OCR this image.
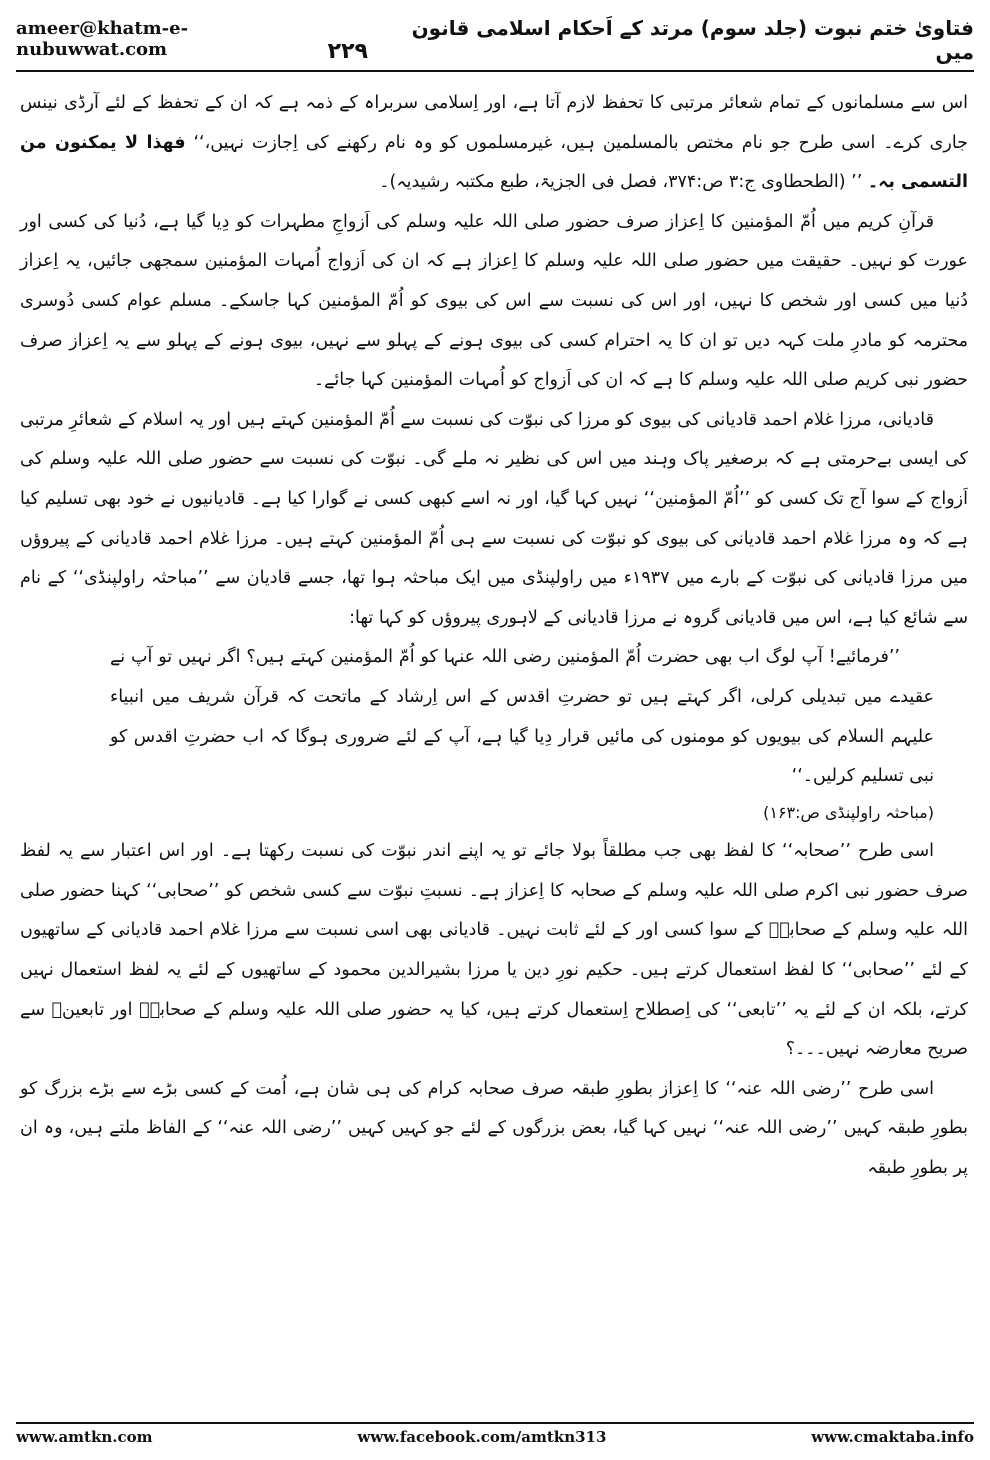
ameer@khatm-e-nubuwwat.com
فتاویٰ ختم نبوت (جلد سوم) مرتد کے اَحکام اسلامی قانون میں
۲۲۹

اس سے مسلمانوں کے تمام شعائر مرتبی کا تحفظ لازم آتا ہے، اور اِسلامی سربراہ کے ذمہ ہے کہ ان کے تحفظ کے لئے آرڈی نینس جاری کرے۔ اسی طرح جو نام مختص بالمسلمین ہیں، غیرمسلموں کو وہ نام رکھنے کی اِجازت نہیں،‘‘ فھذا لا یمکنون من التسمی بہ۔ ’’ (الطحطاوی ج:۳ ص:۳۷۴، فصل فی الجزیۃ، طبع مکتبہ رشیدیہ)۔

قرآنِ کریم میں اُمّ المؤمنین کا اِعزاز صرف حضور صلی اللہ علیہ وسلم کی اَزواجِ مطہرات کو دِیا گیا ہے، دُنیا کی کسی اور عورت کو نہیں۔ حقیقت میں حضور صلی اللہ علیہ وسلم کا اِعزاز ہے کہ ان کی اَزواج اُمہات المؤمنین سمجھی جائیں، یہ اِعزاز دُنیا میں کسی اور شخص کا نہیں، اور اس کی نسبت سے اس کی بیوی کو اُمّ المؤمنین کہا جاسکے۔ مسلم عوام کسی دُوسری محترمہ کو مادرِ ملت کہہ دیں تو ان کا یہ احترام کسی کی بیوی ہونے کے پہلو سے نہیں، بیوی ہونے کے پہلو سے یہ اِعزاز صرف حضور نبی کریم صلی اللہ علیہ وسلم کا ہے کہ ان کی اَزواج کو اُمہات المؤمنین کہا جائے۔

قادیانی، مرزا غلام احمد قادیانی کی بیوی کو مرزا کی نبوّت کی نسبت سے اُمّ المؤمنین کہتے ہیں اور یہ اسلام کے شعائرِ مرتبی کی ایسی بےحرمتی ہے کہ برصغیر پاک وہند میں اس کی نظیر نہ ملے گی۔ نبوّت کی نسبت سے حضور صلی اللہ علیہ وسلم کی اَزواج کے سوا آج تک کسی کو ’’اُمّ المؤمنین‘‘ نہیں کہا گیا، اور نہ اسے کبھی کسی نے گوارا کیا ہے۔ قادیانیوں نے خود بھی تسلیم کیا ہے کہ وہ مرزا غلام احمد قادیانی کی بیوی کو نبوّت کی نسبت سے ہی اُمّ المؤمنین کہتے ہیں۔ مرزا غلام احمد قادیانی کے پیروؤں میں مرزا قادیانی کی نبوّت کے بارے میں ۱۹۳۷ء میں راولپنڈی میں ایک مباحثہ ہوا تھا، جسے قادیان سے ’’مباحثہ راولپنڈی‘‘ کے نام سے شائع کیا ہے، اس میں قادیانی گروہ نے مرزا قادیانی کے لاہوری پیروؤں کو کہا تھا:

’’فرمائیے! آپ لوگ اب بھی حضرت اُمّ المؤمنین رضی اللہ عنہا کو اُمّ المؤمنین کہتے ہیں؟ اگر نہیں تو آپ نے عقیدے میں تبدیلی کرلی، اگر کہتے ہیں تو حضرتِ اقدس کے اس اِرشاد کے ماتحت کہ قرآن شریف میں انبیاء علیہم السلام کی بیویوں کو مومنوں کی مائیں قرار دِیا گیا ہے، آپ کے لئے ضروری ہوگا کہ اب حضرتِ اقدس کو نبی تسلیم کرلیں۔‘‘

(مباحثہ راولپنڈی ص:۱۶۳)

اسی طرح ’’صحابہ‘‘ کا لفظ بھی جب مطلقاً بولا جائے تو یہ اپنے اندر نبوّت کی نسبت رکھتا ہے۔ اور اس اعتبار سے یہ لفظ صرف حضور نبی اکرم صلی اللہ علیہ وسلم کے صحابہ کا اِعزاز ہے۔ نسبتِ نبوّت سے کسی شخص کو ’’صحابی‘‘ کہنا حضور صلی اللہ علیہ وسلم کے صحابہؓ کے سوا کسی اور کے لئے ثابت نہیں۔ قادیانی بھی اسی نسبت سے مرزا غلام احمد قادیانی کے ساتھیوں کے لئے ’’صحابی‘‘ کا لفظ استعمال کرتے ہیں۔ حکیم نورِ دین یا مرزا بشیرالدین محمود کے ساتھیوں کے لئے یہ لفظ استعمال نہیں کرتے، بلکہ ان کے لئے یہ ’’تابعی‘‘ کی اِصطلاح اِستعمال کرتے ہیں، کیا یہ حضور صلی اللہ علیہ وسلم کے صحابہؓ اور تابعینؒ سے صریح معارضہ نہیں۔۔۔؟

اسی طرح ’’رضی اللہ عنہ‘‘ کا اِعزاز بطورِ طبقہ صرف صحابہ کرام کی ہی شان ہے، اُمت کے کسی بڑے سے بڑے بزرگ کو بطورِ طبقہ کہیں ’’رضی اللہ عنہ‘‘ نہیں کہا گیا، بعض بزرگوں کے لئے جو کہیں کہیں ’’رضی اللہ عنہ‘‘ کے الفاظ ملتے ہیں، وہ ان پر بطورِ طبقہ

www.amtkn.com	www.facebook.com/amtkn313	www.cmaktaba.info
